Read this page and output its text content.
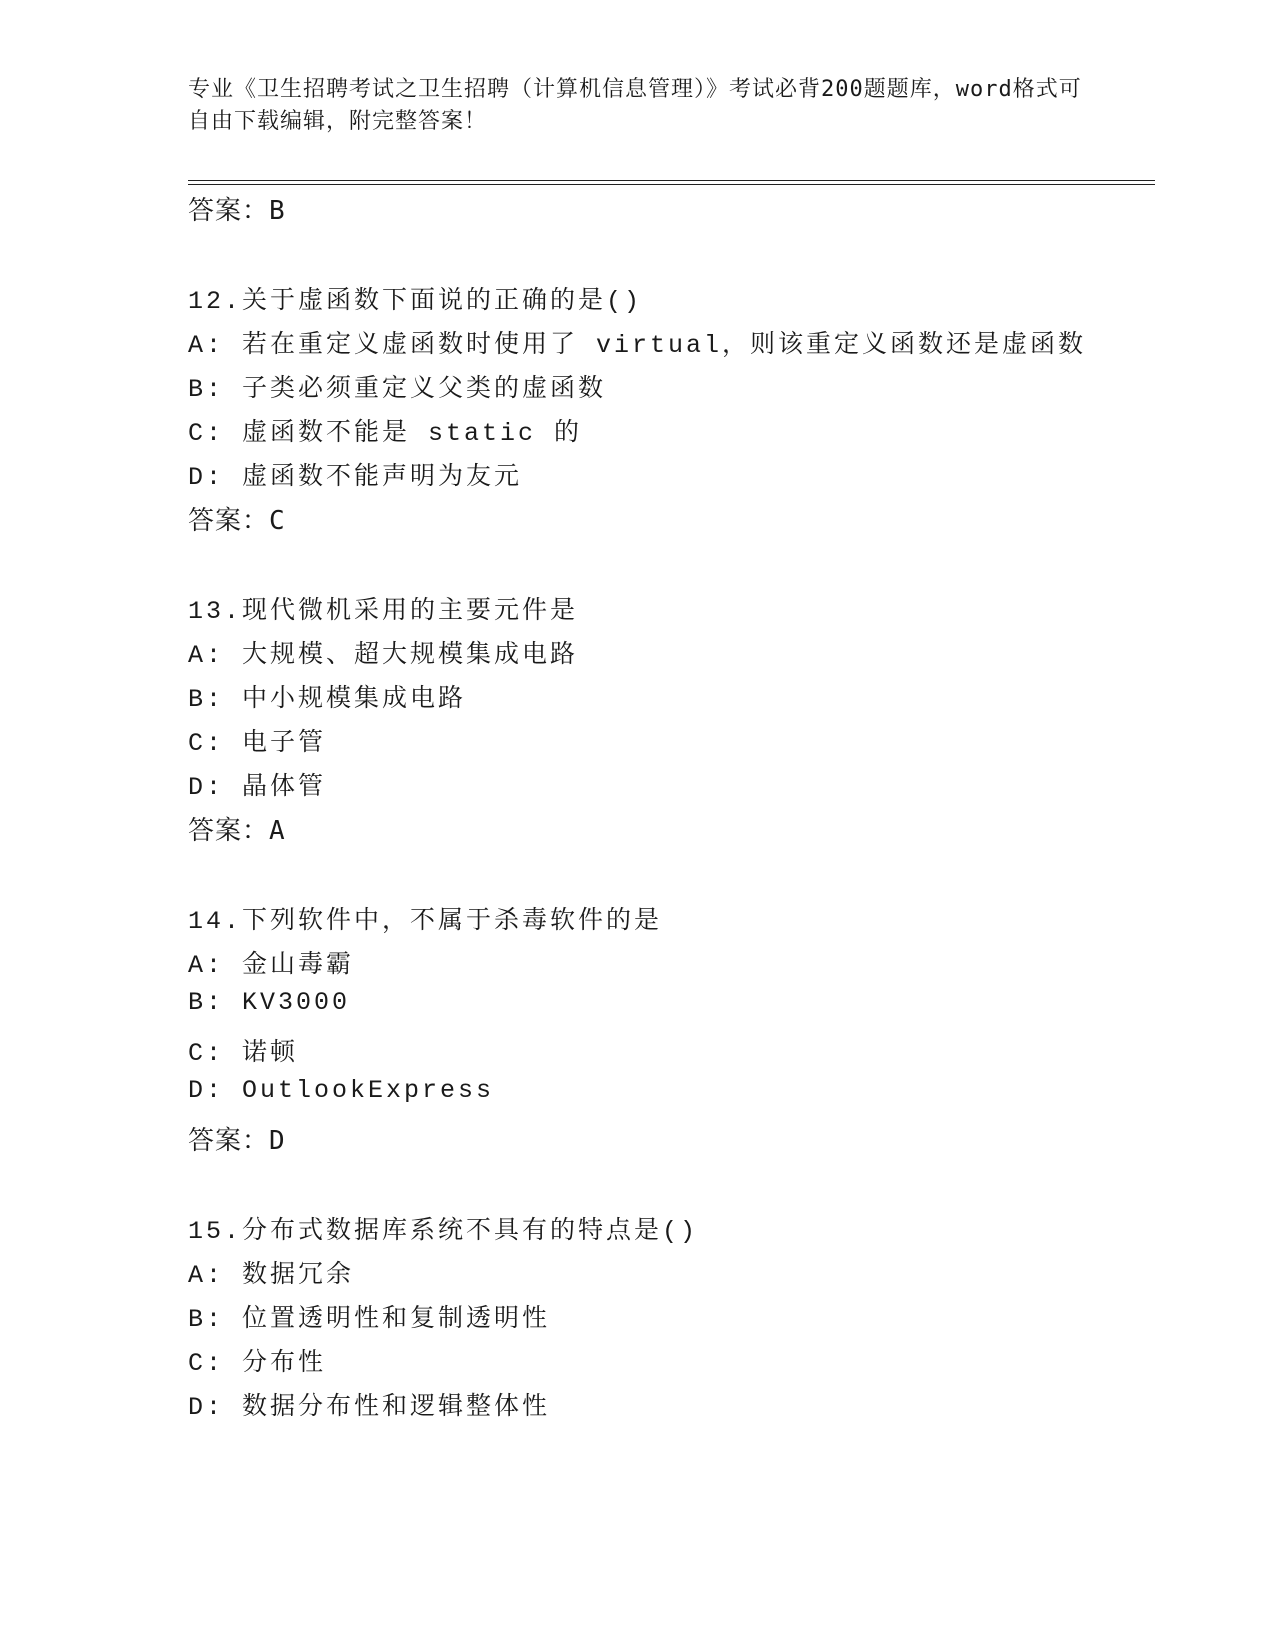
专业《卫生招聘考试之卫生招聘（计算机信息管理）》考试必背200题题库，word格式可自由下载编辑，附完整答案！
答案：B
12.关于虚函数下面说的正确的是()
A: 若在重定义虚函数时使用了 virtual，则该重定义函数还是虚函数
B: 子类必须重定义父类的虚函数
C: 虚函数不能是 static 的
D: 虚函数不能声明为友元
答案：C
13.现代微机采用的主要元件是
A: 大规模、超大规模集成电路
B: 中小规模集成电路
C: 电子管
D: 晶体管
答案：A
14.下列软件中，不属于杀毒软件的是
A: 金山毒霸
B: KV3000
C: 诺顿
D: OutlookExpress
答案：D
15.分布式数据库系统不具有的特点是()
A: 数据冗余
B: 位置透明性和复制透明性
C: 分布性
D: 数据分布性和逻辑整体性
